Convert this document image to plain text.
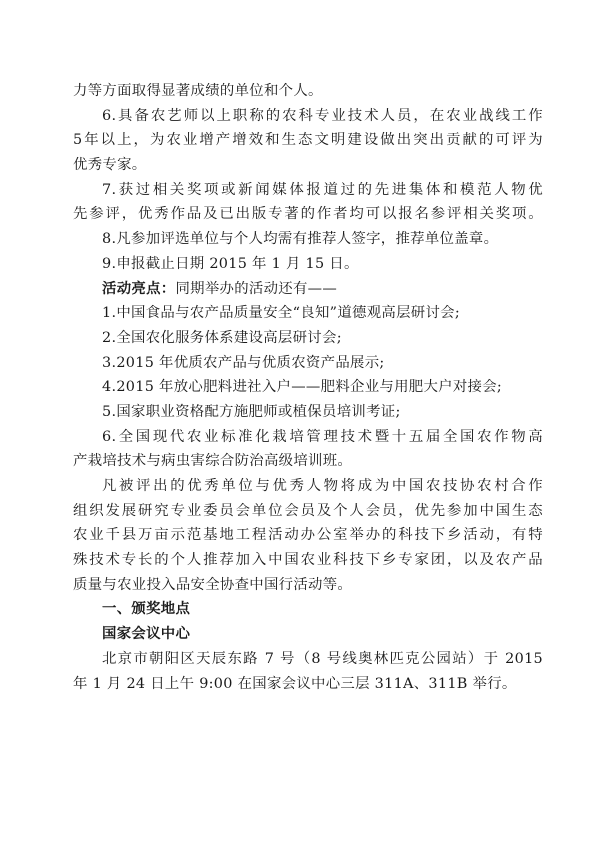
力等方面取得显著成绩的单位和个人。
6.具备农艺师以上职称的农科专业技术人员，在农业战线工作
5年以上，为农业增产增效和生态文明建设做出突出贡献的可评为
优秀专家。
7.获过相关奖项或新闻媒体报道过的先进集体和模范人物优
先参评，优秀作品及已出版专著的作者均可以报名参评相关奖项。
8.凡参加评选单位与个人均需有推荐人签字，推荐单位盖章。
9.申报截止日期 2015 年 1 月 15 日。
活动亮点：同期举办的活动还有——
1.中国食品与农产品质量安全“良知”道德观高层研讨会;
2.全国农化服务体系建设高层研讨会;
3.2015 年优质农产品与优质农资产品展示;
4.2015 年放心肥料进社入户——肥料企业与用肥大户对接会;
5.国家职业资格配方施肥师或植保员培训考证;
6.全国现代农业标准化栽培管理技术暨十五届全国农作物高
产栽培技术与病虫害综合防治高级培训班。
凡被评出的优秀单位与优秀人物将成为中国农技协农村合作
组织发展研究专业委员会单位会员及个人会员，优先参加中国生态
农业千县万亩示范基地工程活动办公室举办的科技下乡活动，有特
殊技术专长的个人推荐加入中国农业科技下乡专家团，以及农产品
质量与农业投入品安全协查中国行活动等。
一、颁奖地点
国家会议中心
北京市朝阳区天辰东路 7 号（8 号线奥林匹克公园站）于 2015
年 1 月 24 日上午 9:00 在国家会议中心三层 311A、311B 举行。
